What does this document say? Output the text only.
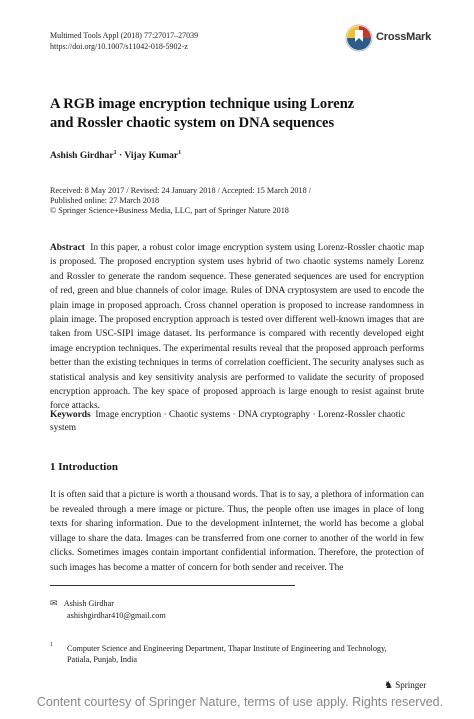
Multimed Tools Appl (2018) 77:27017–27039
https://doi.org/10.1007/s11042-018-5902-z
CrossMark
A RGB image encryption technique using Lorenz
and Rossler chaotic system on DNA sequences
Ashish Girdhar$^1$ · Vijay Kumar$^1$
Received: 8 May 2017 / Revised: 24 January 2018 / Accepted: 15 March 2018 /
Published online: 27 March 2018
© Springer Science+Business Media, LLC, part of Springer Nature 2018
Abstract In this paper, a robust color image encryption system using Lorenz-Rossler chaotic map is proposed. The proposed encryption system uses hybrid of two chaotic systems namely Lorenz and Rossler to generate the random sequence. These generated sequences are used for encryption of red, green and blue channels of color image. Rules of DNA cryptosystem are used to encode the plain image in proposed approach. Cross channel operation is proposed to increase randomness in plain image. The proposed encryption approach is tested over different well-known images that are taken from USC-SIPI image dataset. Its performance is compared with recently developed eight image encryption techniques. The experimental results reveal that the proposed approach performs better than the existing techniques in terms of correlation coefficient. The security analyses such as statistical analysis and key sensitivity analysis are performed to validate the security of proposed encryption approach. The key space of proposed approach is large enough to resist against brute force attacks.
Keywords Image encryption · Chaotic systems · DNA cryptography · Lorenz-Rossler chaotic system
1 Introduction
It is often said that a picture is worth a thousand words. That is to say, a plethora of information can be revealed through a mere image or picture. Thus, the people often use images in place of long texts for sharing information. Due to the development inInternet, the world has become a global village to share the data. Images can be transferred from one corner to another of the world in few clicks. Sometimes images contain important confidential information. Therefore, the protection of such images has become a matter of concern for both sender and receiver. The
✉ Ashish Girdhar
ashishgirdhar410@gmail.com
1	Computer Science and Engineering Department, Thapar Institute of Engineering and Technology,
Patiala, Punjab, India
♞ Springer
Content courtesy of Springer Nature, terms of use apply. Rights reserved.
